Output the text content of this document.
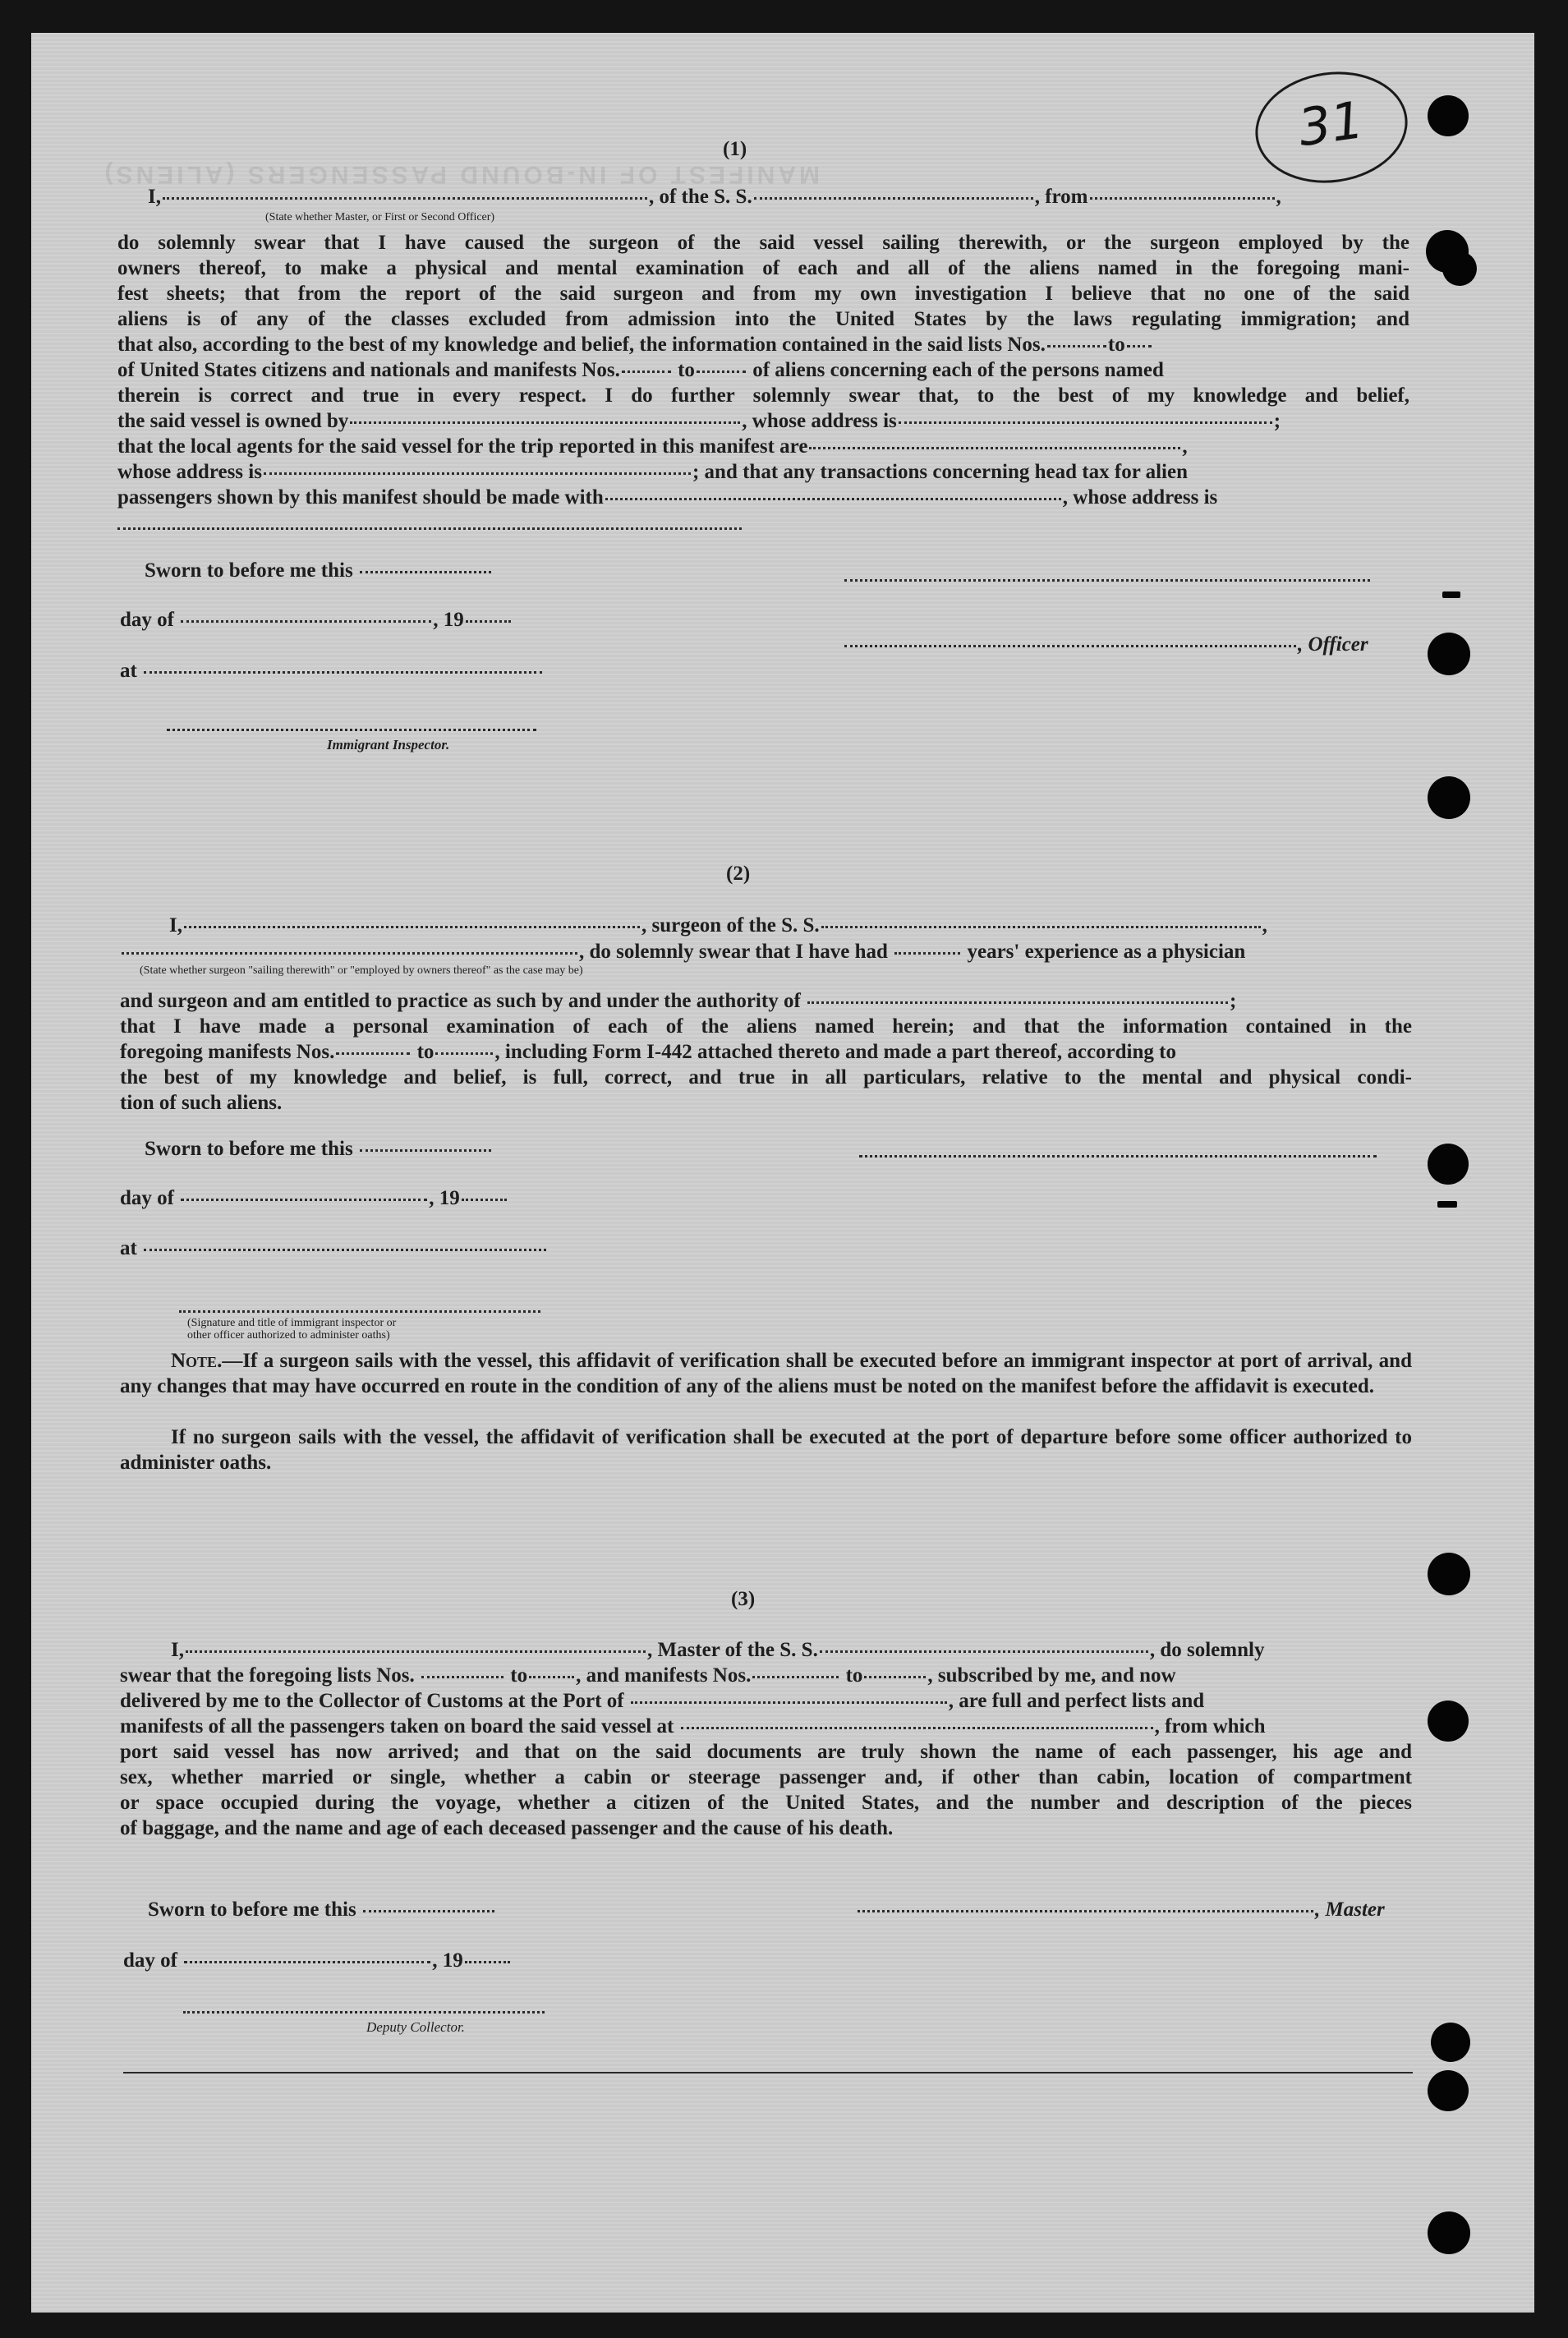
MANIFEST OF IN-BOUND PASSENGERS (ALIENS)
31
(1)
I,	, of the S. S.	, from	,
(State whether Master, or First or Second Officer)
do solemnly swear that I have caused the surgeon of the said vessel sailing therewith, or the surgeon employed by the
owners thereof, to make a physical and mental examination of each and all of the aliens named in the foregoing mani-
fest sheets; that from the report of the said surgeon and from my own investigation I believe that no one of the said
aliens is of any of the classes excluded from admission into the United States by the laws regulating immigration; and
that also, according to the best of my knowledge and belief, the information contained in the said lists Nos.	to
of United States citizens and nationals and manifests Nos.	to	of aliens concerning each of the persons named
therein is correct and true in every respect. I do further solemnly swear that, to the best of my knowledge and belief,
the said vessel is owned by	, whose address is	;
that the local agents for the said vessel for the trip reported in this manifest are	,
whose address is	; and that any transactions concerning head tax for alien
passengers shown by this manifest should be made with	, whose address is
Sworn to before me this
day of	, 19
, Officer
at
Immigrant Inspector.
(2)
I,	, surgeon of the S. S.	,
, do solemnly swear that I have had	years' experience as a physician
(State whether surgeon "sailing therewith" or "employed by owners thereof" as the case may be)
and surgeon and am entitled to practice as such by and under the authority of	;
that I have made a personal examination of each of the aliens named herein; and that the information contained in the
foregoing manifests Nos.	to	, including Form I-442 attached thereto and made a part thereof, according to
the best of my knowledge and belief, is full, correct, and true in all particulars, relative to the mental and physical condi-
tion of such aliens.
Sworn to before me this
day of	, 19
at
(Signature and title of immigrant inspector or
other officer authorized to administer oaths)
Note.—If a surgeon sails with the vessel, this affidavit of verification shall be executed before an immigrant inspector at port of arrival, and any changes that may have occurred en route in the condition of any of the aliens must be noted on the manifest before the affidavit is executed.
If no surgeon sails with the vessel, the affidavit of verification shall be executed at the port of departure before some officer authorized to administer oaths.
(3)
I,	, Master of the S. S.	, do solemnly
swear that the foregoing lists Nos.	to , and manifests Nos.	to	, subscribed by me, and now
delivered by me to the Collector of Customs at the Port of	, are full and perfect lists and
manifests of all the passengers taken on board the said vessel at	, from which
port said vessel has now arrived; and that on the said documents are truly shown the name of each passenger, his age and
sex, whether married or single, whether a cabin or steerage passenger and, if other than cabin, location of compartment
or space occupied during the voyage, whether a citizen of the United States, and the number and description of the pieces
of baggage, and the name and age of each deceased passenger and the cause of his death.
Sworn to before me this	, Master
day of	, 19
Deputy Collector.
